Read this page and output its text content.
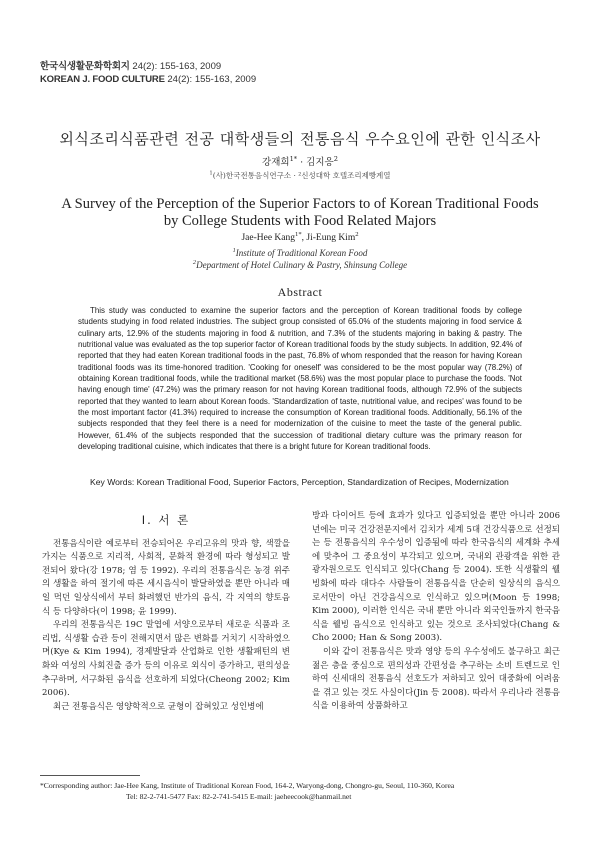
한국식생활문화학회지 24(2): 155-163, 2009
KOREAN J. FOOD CULTURE 24(2): 155-163, 2009
외식조리식품관련 전공 대학생들의 전통음식 우수요인에 관한 인식조사
강재희$^{1*}$ · 김지응$^2$
$^1$(사)한국전통음식연구소 · ²신성대학 호텔조리제빵계열
A Survey of the Perception of the Superior Factors to of Korean Traditional Foods by College Students with Food Related Majors
Jae-Hee Kang$^{1*}$, Ji-Eung Kim$^2$
$^1$Institute of Traditional Korean Food
$^2$Department of Hotel Culinary & Pastry, Shinsung College
Abstract
This study was conducted to examine the superior factors and the perception of Korean traditional foods by college students studying in food related industries. The subject group consisted of 65.0% of the students majoring in food service & culinary arts, 12.9% of the students majoring in food & nutrition, and 7.3% of the students majoring in baking & pastry. The nutritional value was evaluated as the top superior factor of Korean traditional foods by the study subjects. In addition, 92.4% of reported that they had eaten Korean traditional foods in the past, 76.8% of whom responded that the reason for having Korean traditional foods was its time-honored tradition. 'Cooking for oneself' was considered to be the most popular way (78.2%) of obtaining Korean traditional foods, while the traditional market (58.6%) was the most popular place to purchase the foods. 'Not having enough time' (47.2%) was the primary reason for not having Korean traditional foods, although 72.9% of the subjects reported that they wanted to learn about Korean foods. 'Standardization of taste, nutritional value, and recipes' was found to be the most important factor (41.3%) required to increase the consumption of Korean traditional foods. Additionally, 56.1% of the subjects responded that they feel there is a need for modernization of the cuisine to meet the taste of the general public. However, 61.4% of the subjects responded that the succession of traditional dietary culture was the primary reason for developing traditional cuisine, which indicates that there is a bright future for Korean traditional foods.
Key Words: Korean Traditional Food, Superior Factors, Perception, Standardization of Recipes, Modernization
I. 서 론

전통음식이란 예로부터 전승되어온 우리고유의 맛과 향, 색깔을 가지는 식품으로 지리적, 사회적, 문화적 환경에 따라 형성되고 발전되어 왔다(강 1978; 염 등 1992). 우리의 전통음식은 농경 위주의 생활을 하여 절기에 따른 세시음식이 발달하였을 뿐만 아니라 매일 먹던 일상식에서 부터 화려했던 반가의 음식, 각 지역의 향토음식 등 다양하다(이 1998; 윤 1999).

우리의 전통음식은 19C 말엽에 서양으로부터 새로운 식품과 조리법, 식생활 습관 등이 전해지면서 많은 변화를 거치기 시작하였으며(Kye & Kim 1994), 경제발달과 산업화로 인한 생활패턴의 변화와 여성의 사회진출 증가 등의 이유로 외식이 증가하고, 편의성을 추구하며, 서구화된 음식을 선호하게 되었다(Cheong 2002; Kim 2006).

최근 전통음식은 영양학적으로 균형이 잡혀있고 성인병에

방과 다이어트 등에 효과가 있다고 입증되었을 뿐만 아니라 2006년에는 미국 건강전문지에서 김치가 세계 5대 건강식품으로 선정되는 등 전통음식의 우수성이 입증됨에 따라 한국음식의 세계화 추세에 맞추어 그 중요성이 부각되고 있으며, 국내외 관광객을 위한 관광자원으로도 인식되고 있다(Chang 등 2004). 또한 식생활의 웰빙화에 따라 대다수 사람들이 전통음식을 단순히 일상식의 음식으로서만이 아닌 건강음식으로 인식하고 있으며(Moon 등 1998; Kim 2000), 이러한 인식은 국내 뿐만 아니라 외국인들까지 한국음식을 웰빙 음식으로 인식하고 있는 것으로 조사되었다(Chang & Cho 2000; Han & Song 2003).

이와 같이 전통음식은 맛과 영양 등의 우수성에도 불구하고 최근 젊은 층을 중심으로 편의성과 간편성을 추구하는 소비 트렌드로 인하여 신세대의 전통음식 선호도가 저하되고 있어 대중화에 어려움을 겪고 있는 것도 사실이다(Jin 등 2008). 따라서 우리나라 전통음식을 이용하여 상품화하고

*Corresponding author: Jae-Hee Kang, Institute of Traditional Korean Food, 164-2, Waryong-dong, Chongro-gu, Seoul, 110-360, Korea
Tel: 82-2-741-5477 Fax: 82-2-741-5415 E-mail: jaeheecook@hanmail.net
